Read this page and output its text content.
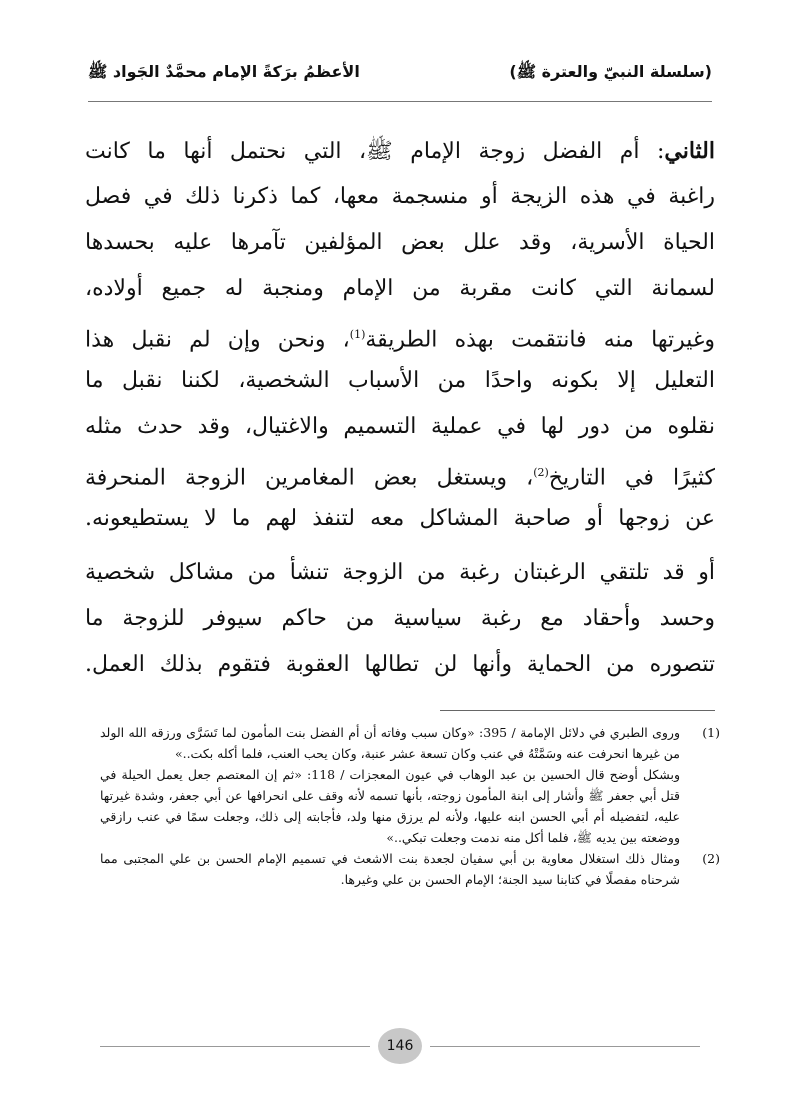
(سلسلة النبيّ والعترة ﷺ)
الأعظمُ برَكةً الإمام محمَّدٌ الجَواد ﷺ
الثاني: أم الفضل زوجة الإمام ﷺ، التي نحتمل أنها ما كانت
راغبة في هذه الزيجة أو منسجمة معها، كما ذكرنا ذلك في فصل
الحياة الأسرية، وقد علل بعض المؤلفين تآمرها عليه بحسدها
لسمانة التي كانت مقربة من الإمام ومنجبة له جميع أولاده،
وغيرتها منه فانتقمت بهذه الطريقة$^{(1)}$، ونحن وإن لم نقبل هذا
التعليل إلا بكونه واحدًا من الأسباب الشخصية، لكننا نقبل ما
نقلوه من دور لها في عملية التسميم والاغتيال، وقد حدث مثله
كثيرًا في التاريخ$^{(2)}$، ويستغل بعض المغامرين الزوجة المنحرفة
عن زوجها أو صاحبة المشاكل معه لتنفذ لهم ما لا يستطيعونه.
أو قد تلتقي الرغبتان رغبة من الزوجة تنشأ من مشاكل شخصية
وحسد وأحقاد مع رغبة سياسية من حاكم سيوفر للزوجة ما
تتصوره من الحماية وأنها لن تطالها العقوبة فتقوم بذلك العمل.
(1)
وروى الطبري في دلائل الإمامة / 395: «وكان سبب وفاته أن أم الفضل بنت المأمون لما تَسَرَّى ورزقه الله الولد من غيرها انحرفت عنه وسَمَّتْهُ في عنب وكان تسعة عشر عنبة، وكان يحب العنب، فلما أكله بكت..»
وبشكل أوضح قال الحسين بن عبد الوهاب في عيون المعجزات / 118: «ثم إن المعتصم جعل يعمل الحيلة في قتل أبي جعفر ﷺ وأشار إلى ابنة المأمون زوجته، بأنها تسمه لأنه وقف على انحرافها عن أبي جعفر، وشدة غيرتها عليه، لتفضيله أم أبي الحسن ابنه عليها، ولأنه لم يرزق منها ولد، فأجابته إلى ذلك، وجعلت سمًا في عنب رازقي ووضعته بين يديه ﷺ، فلما أكل منه ندمت وجعلت تبكي..»
(2)
ومثال ذلك استغلال معاوية بن أبي سفيان لجعدة بنت الاشعث في تسميم الإمام الحسن بن علي المجتبى مما شرحناه مفصلًا في كتابنا سيد الجنة؛ الإمام الحسن بن علي وغيرها.
146
